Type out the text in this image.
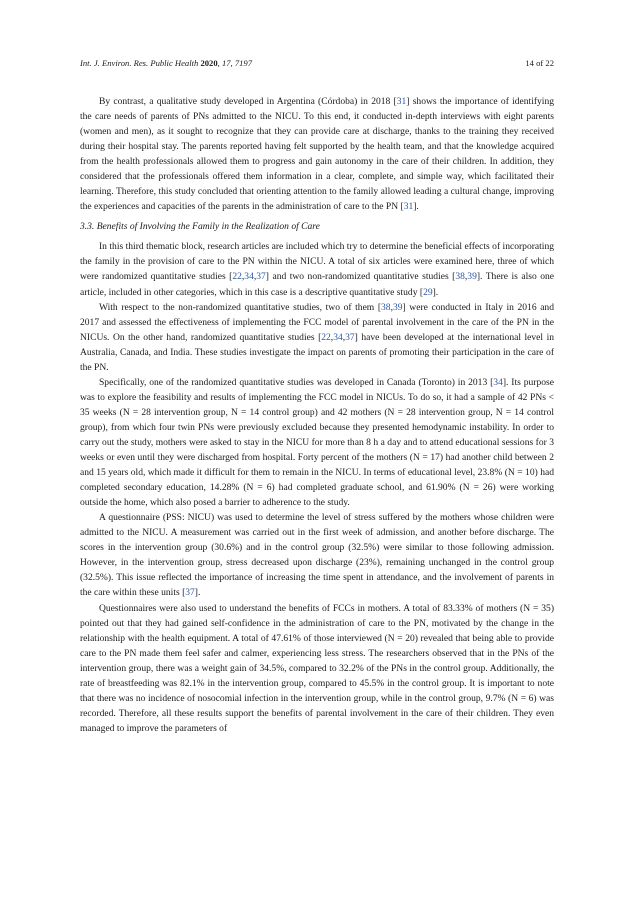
Int. J. Environ. Res. Public Health 2020, 17, 7197	14 of 22

By contrast, a qualitative study developed in Argentina (Córdoba) in 2018 [31] shows the importance of identifying the care needs of parents of PNs admitted to the NICU. To this end, it conducted in-depth interviews with eight parents (women and men), as it sought to recognize that they can provide care at discharge, thanks to the training they received during their hospital stay. The parents reported having felt supported by the health team, and that the knowledge acquired from the health professionals allowed them to progress and gain autonomy in the care of their children. In addition, they considered that the professionals offered them information in a clear, complete, and simple way, which facilitated their learning. Therefore, this study concluded that orienting attention to the family allowed leading a cultural change, improving the experiences and capacities of the parents in the administration of care to the PN [31].

3.3. Benefits of Involving the Family in the Realization of Care

In this third thematic block, research articles are included which try to determine the beneficial effects of incorporating the family in the provision of care to the PN within the NICU. A total of six articles were examined here, three of which were randomized quantitative studies [22,34,37] and two non-randomized quantitative studies [38,39]. There is also one article, included in other categories, which in this case is a descriptive quantitative study [29].

With respect to the non-randomized quantitative studies, two of them [38,39] were conducted in Italy in 2016 and 2017 and assessed the effectiveness of implementing the FCC model of parental involvement in the care of the PN in the NICUs. On the other hand, randomized quantitative studies [22,34,37] have been developed at the international level in Australia, Canada, and India. These studies investigate the impact on parents of promoting their participation in the care of the PN.

Specifically, one of the randomized quantitative studies was developed in Canada (Toronto) in 2013 [34]. Its purpose was to explore the feasibility and results of implementing the FCC model in NICUs. To do so, it had a sample of 42 PNs < 35 weeks (N = 28 intervention group, N = 14 control group) and 42 mothers (N = 28 intervention group, N = 14 control group), from which four twin PNs were previously excluded because they presented hemodynamic instability. In order to carry out the study, mothers were asked to stay in the NICU for more than 8 h a day and to attend educational sessions for 3 weeks or even until they were discharged from hospital. Forty percent of the mothers (N = 17) had another child between 2 and 15 years old, which made it difficult for them to remain in the NICU. In terms of educational level, 23.8% (N = 10) had completed secondary education, 14.28% (N = 6) had completed graduate school, and 61.90% (N = 26) were working outside the home, which also posed a barrier to adherence to the study.

A questionnaire (PSS: NICU) was used to determine the level of stress suffered by the mothers whose children were admitted to the NICU. A measurement was carried out in the first week of admission, and another before discharge. The scores in the intervention group (30.6%) and in the control group (32.5%) were similar to those following admission. However, in the intervention group, stress decreased upon discharge (23%), remaining unchanged in the control group (32.5%). This issue reflected the importance of increasing the time spent in attendance, and the involvement of parents in the care within these units [37].

Questionnaires were also used to understand the benefits of FCCs in mothers. A total of 83.33% of mothers (N = 35) pointed out that they had gained self-confidence in the administration of care to the PN, motivated by the change in the relationship with the health equipment. A total of 47.61% of those interviewed (N = 20) revealed that being able to provide care to the PN made them feel safer and calmer, experiencing less stress. The researchers observed that in the PNs of the intervention group, there was a weight gain of 34.5%, compared to 32.2% of the PNs in the control group. Additionally, the rate of breastfeeding was 82.1% in the intervention group, compared to 45.5% in the control group. It is important to note that there was no incidence of nosocomial infection in the intervention group, while in the control group, 9.7% (N = 6) was recorded. Therefore, all these results support the benefits of parental involvement in the care of their children. They even managed to improve the parameters of
